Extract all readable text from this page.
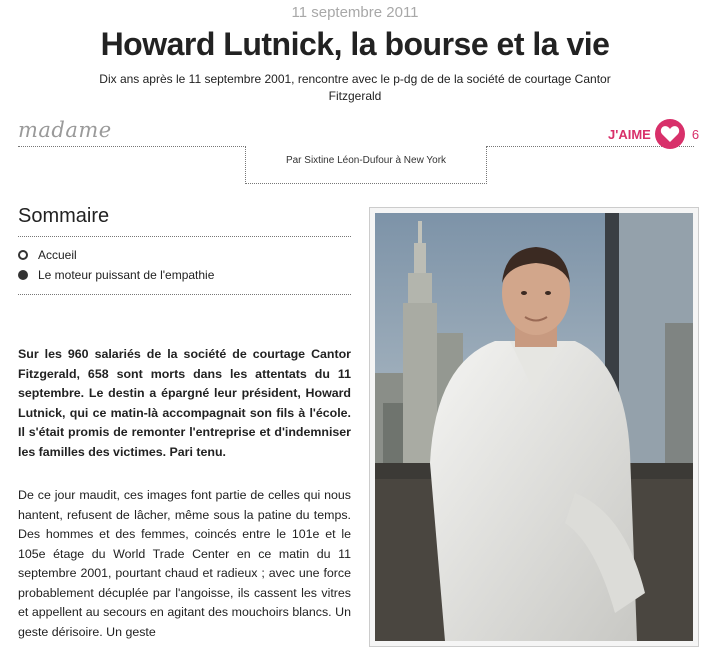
11 septembre 2011
Howard Lutnick, la bourse et la vie
Dix ans après le 11 septembre 2001, rencontre avec le p-dg de de la société de courtage Cantor Fitzgerald
madame
Par Sixtine Léon-Dufour à New York
J'AIME	6
Sommaire
Accueil
Le moteur puissant de l'empathie

Sur les 960 salariés de la société de courtage Cantor Fitzgerald, 658 sont morts dans les attentats du 11 septembre. Le destin a épargné leur président, Howard Lutnick, qui ce matin-là accompagnait son fils à l'école. Il s'était promis de remonter l'entreprise et d'indemniser les familles des victimes. Pari tenu.

De ce jour maudit, ces images font partie de celles qui nous hantent, refusent de lâcher, même sous la patine du temps. Des hommes et des femmes, coincés entre le 101e et le 105e étage du World Trade Center en ce matin du 11 septembre 2001, pourtant chaud et radieux ; avec une force probablement décuplée par l'angoisse, ils cassent les vitres et appellent au secours en agitant des mouchoirs blancs. Un geste dérisoire. Un geste
